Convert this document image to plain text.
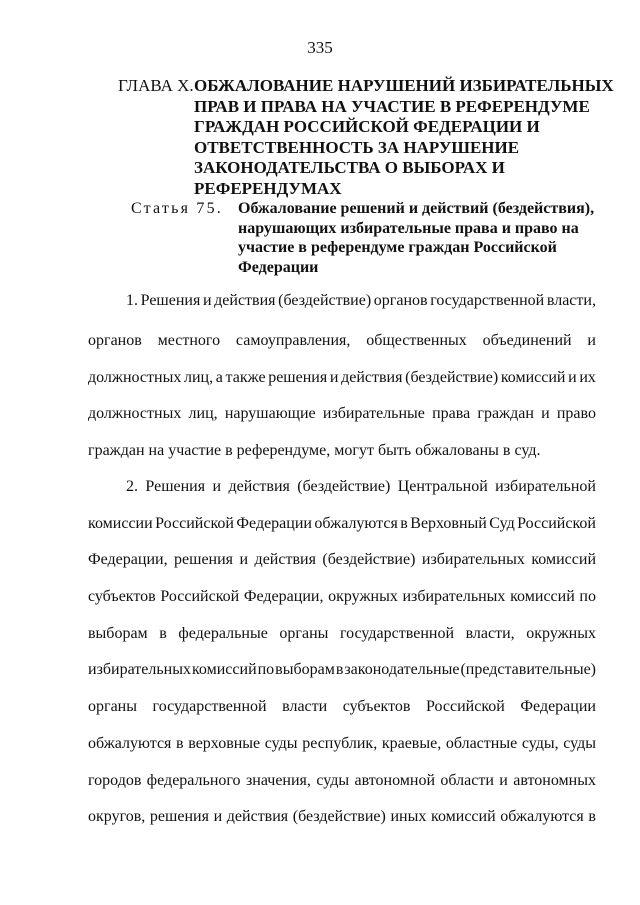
335
ГЛАВА X. ОБЖАЛОВАНИЕ НАРУШЕНИЙ ИЗБИРАТЕЛЬНЫХ
ПРАВ И ПРАВА НА УЧАСТИЕ В РЕФЕРЕНДУМЕ
ГРАЖДАН РОССИЙСКОЙ ФЕДЕРАЦИИ И
ОТВЕТСТВЕННОСТЬ ЗА НАРУШЕНИЕ
ЗАКОНОДАТЕЛЬСТВА О ВЫБОРАХ И
РЕФЕРЕНДУМАХ
Статья 75. Обжалование решений и действий (бездействия),
нарушающих избирательные права и право на
участие в референдуме граждан Российской
Федерации
1. Решения и действия (бездействие) органов государственной власти,
органов местного самоуправления, общественных объединений и
должностных лиц, а также решения и действия (бездействие) комиссий и их
должностных лиц, нарушающие избирательные права граждан и право
граждан на участие в референдуме, могут быть обжалованы в суд.
2. Решения и действия (бездействие) Центральной избирательной
комиссии Российской Федерации обжалуются в Верховный Суд Российской
Федерации, решения и действия (бездействие) избирательных комиссий
субъектов Российской Федерации, окружных избирательных комиссий по
выборам в федеральные органы государственной власти, окружных
избирательных комиссий по выборам в законодательные (представительные)
органы государственной власти субъектов Российской Федерации
обжалуются в верховные суды республик, краевые, областные суды, суды
городов федерального значения, суды автономной области и автономных
округов, решения и действия (бездействие) иных комиссий обжалуются в
